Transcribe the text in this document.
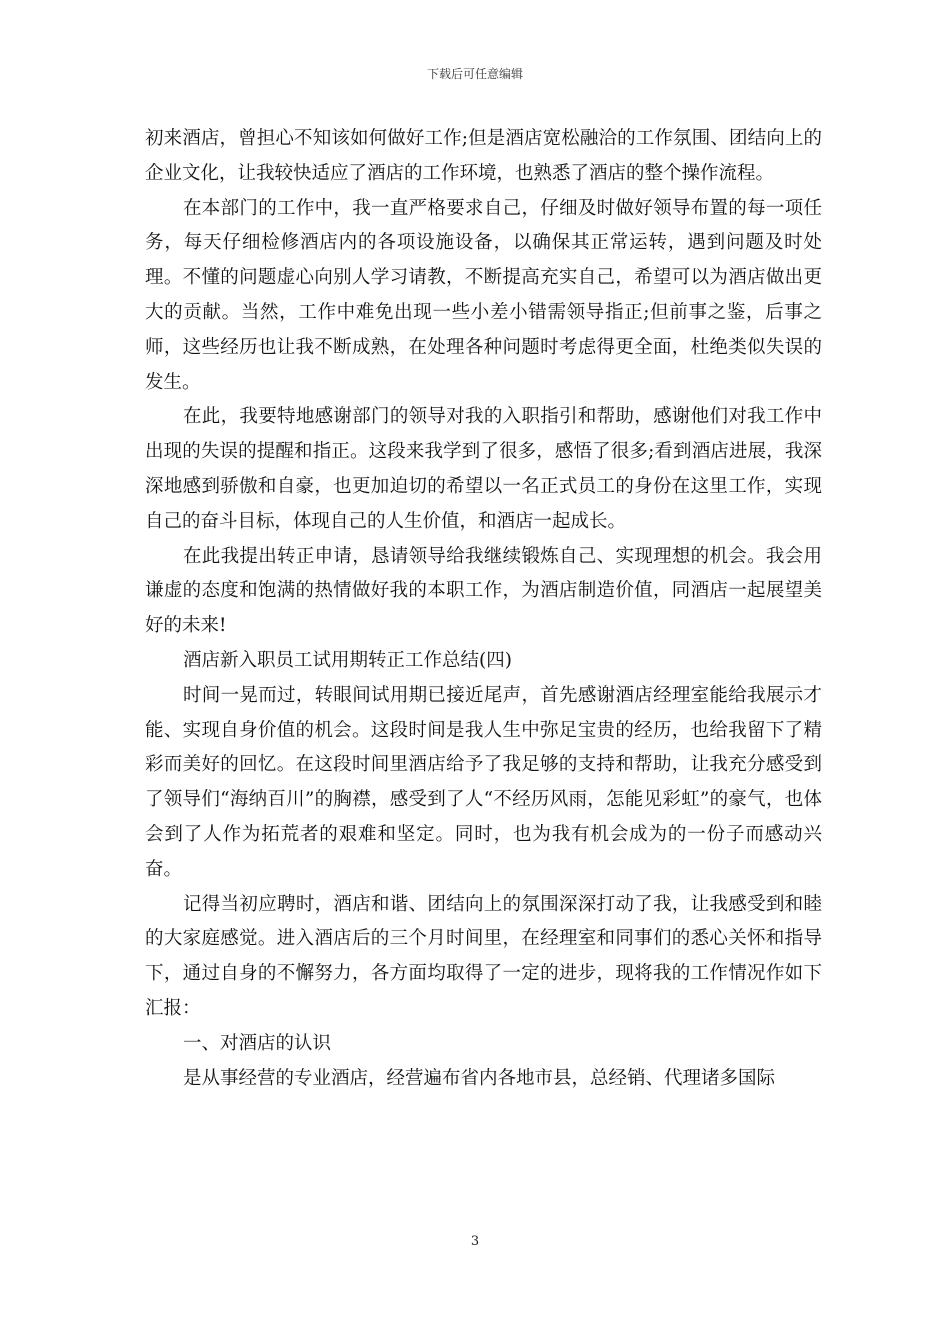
下载后可任意编辑

初来酒店，曾担心不知该如何做好工作;但是酒店宽松融洽的工作氛围、团结向上的企业文化，让我较快适应了酒店的工作环境，也熟悉了酒店的整个操作流程。

在本部门的工作中，我一直严格要求自己，仔细及时做好领导布置的每一项任务，每天仔细检修酒店内的各项设施设备，以确保其正常运转，遇到问题及时处理。不懂的问题虚心向别人学习请教，不断提高充实自己，希望可以为酒店做出更大的贡献。当然，工作中难免出现一些小差小错需领导指正;但前事之鉴，后事之师，这些经历也让我不断成熟，在处理各种问题时考虑得更全面，杜绝类似失误的发生。

在此，我要特地感谢部门的领导对我的入职指引和帮助，感谢他们对我工作中出现的失误的提醒和指正。这段来我学到了很多，感悟了很多;看到酒店进展，我深深地感到骄傲和自豪，也更加迫切的希望以一名正式员工的身份在这里工作，实现自己的奋斗目标，体现自己的人生价值，和酒店一起成长。

在此我提出转正申请，恳请领导给我继续锻炼自己、实现理想的机会。我会用谦虚的态度和饱满的热情做好我的本职工作，为酒店制造价值，同酒店一起展望美好的未来!

酒店新入职员工试用期转正工作总结(四)

时间一晃而过，转眼间试用期已接近尾声，首先感谢酒店经理室能给我展示才能、实现自身价值的机会。这段时间是我人生中弥足宝贵的经历，也给我留下了精彩而美好的回忆。在这段时间里酒店给予了我足够的支持和帮助，让我充分感受到了领导们“海纳百川”的胸襟，感受到了人“不经历风雨，怎能见彩虹”的豪气，也体会到了人作为拓荒者的艰难和坚定。同时，也为我有机会成为的一份子而感动兴奋。

记得当初应聘时，酒店和谐、团结向上的氛围深深打动了我，让我感受到和睦的大家庭感觉。进入酒店后的三个月时间里，在经理室和同事们的悉心关怀和指导下，通过自身的不懈努力，各方面均取得了一定的进步，现将我的工作情况作如下汇报：

一、对酒店的认识

是从事经营的专业酒店，经营遍布省内各地市县，总经销、代理诸多国际

3
